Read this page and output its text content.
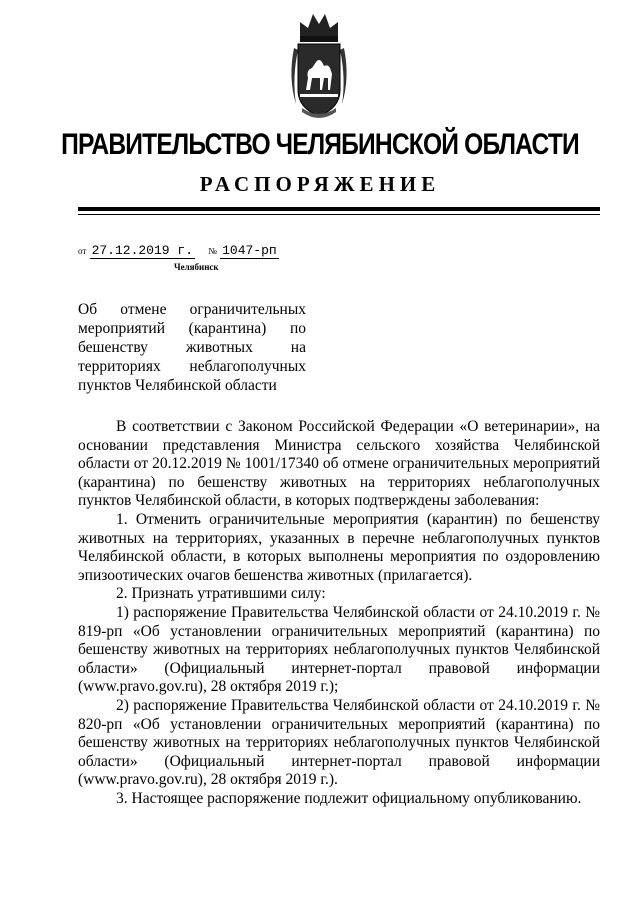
ПРАВИТЕЛЬСТВО ЧЕЛЯБИНСКОЙ ОБЛАСТИ
РАСПОРЯЖЕНИЕ
от 27.12.2019 г. № 1047-рп
Челябинск
Об отмене ограничительных мероприятий (карантина) по бешенству животных на территориях неблагополучных пунктов Челябинской области

В соответствии с Законом Российской Федерации «О ветеринарии», на основании представления Министра сельского хозяйства Челябинской области от 20.12.2019 № 1001/17340 об отмене ограничительных мероприятий (карантина) по бешенству животных на территориях неблагополучных пунктов Челябинской области, в которых подтверждены заболевания:

1. Отменить ограничительные мероприятия (карантин) по бешенству животных на территориях, указанных в перечне неблагополучных пунктов Челябинской области, в которых выполнены мероприятия по оздоровлению эпизоотических очагов бешенства животных (прилагается).

2. Признать утратившими силу:

1) распоряжение Правительства Челябинской области от 24.10.2019 г. № 819-рп «Об установлении ограничительных мероприятий (карантина) по бешенству животных на территориях неблагополучных пунктов Челябинской области» (Официальный интернет-портал правовой информации (www.pravo.gov.ru), 28 октября 2019 г.);

2) распоряжение Правительства Челябинской области от 24.10.2019 г. № 820-рп «Об установлении ограничительных мероприятий (карантина) по бешенству животных на территориях неблагополучных пунктов Челябинской области» (Официальный интернет-портал правовой информации (www.pravo.gov.ru), 28 октября 2019 г.).

3. Настоящее распоряжение подлежит официальному опубликованию.
